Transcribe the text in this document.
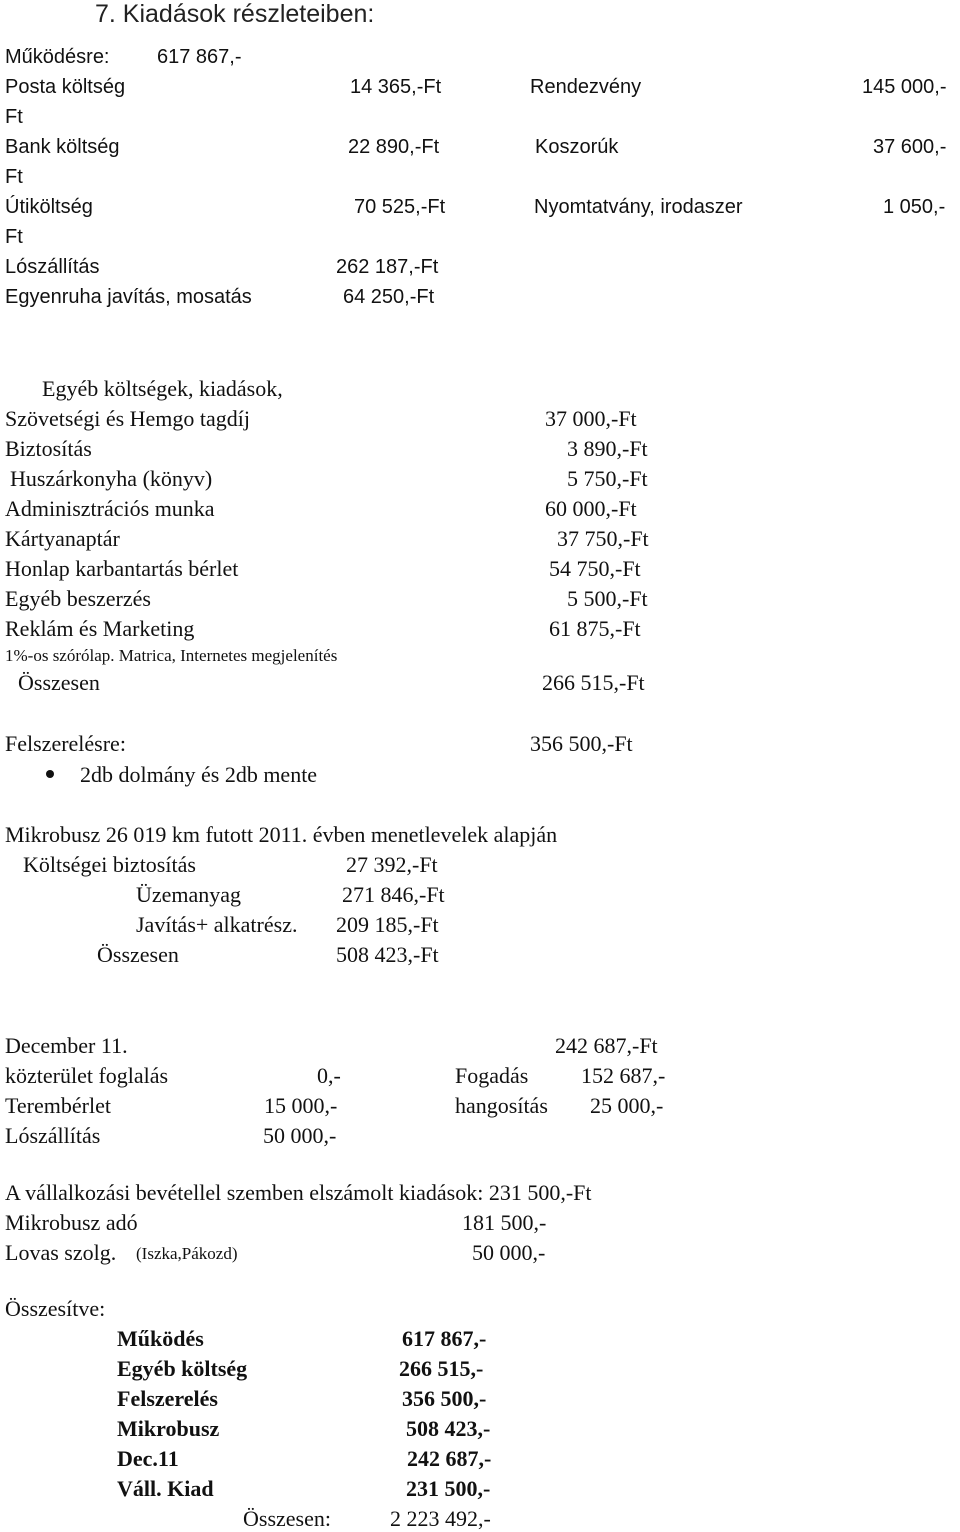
7. Kiadások részleteiben:
Működésre: 617 867,-
Posta költség	14 365,-Ft	Rendezvény	145 000,-
Ft
Bank költség	22 890,-Ft	Koszorúk	37 600,-
Ft
Útiköltség	70 525,-Ft	Nyomtatvány, irodaszer	1 050,-
Ft
Lószállítás	262 187,-Ft
Egyenruha javítás, mosatás	64 250,-Ft
Egyéb költségek, kiadások,
Szövetségi és Hemgo tagdíj	37 000,-Ft
Biztosítás	3 890,-Ft
Huszárkonyha (könyv)	5 750,-Ft
Adminisztrációs munka	60 000,-Ft
Kártyanaptár	37 750,-Ft
Honlap karbantartás bérlet	54 750,-Ft
Egyéb beszerzés	5 500,-Ft
Reklám és Marketing	61 875,-Ft
1%-os szórólap. Matrica, Internetes megjelenítés
Összesen	266 515,-Ft
Felszerelésre:	356 500,-Ft
2db dolmány és 2db mente
Mikrobusz 26 019 km futott 2011. évben menetlevelek alapján
Költségei biztosítás	27 392,-Ft
Üzemanyag	271 846,-Ft
Javítás+ alkatrész. 209 185,-Ft
Összesen	508 423,-Ft
December 11.	242 687,-Ft
közterület foglalás	0,-	Fogadás 152 687,-
Terembérlet	15 000,-	hangosítás 25 000,-
Lószállítás	50 000,-
A vállalkozási bevétellel szemben elszámolt kiadások: 231 500,-Ft
Mikrobusz adó	181 500,-
Lovas szolg. (Iszka,Pákozd)	50 000,-
Összesítve:
Működés	617 867,-
Egyéb költség	266 515,-
Felszerelés	356 500,-
Mikrobusz	508 423,-
Dec.11	242 687,-
Váll. Kiad	231 500,-
Összesen:	2 223 492,-
